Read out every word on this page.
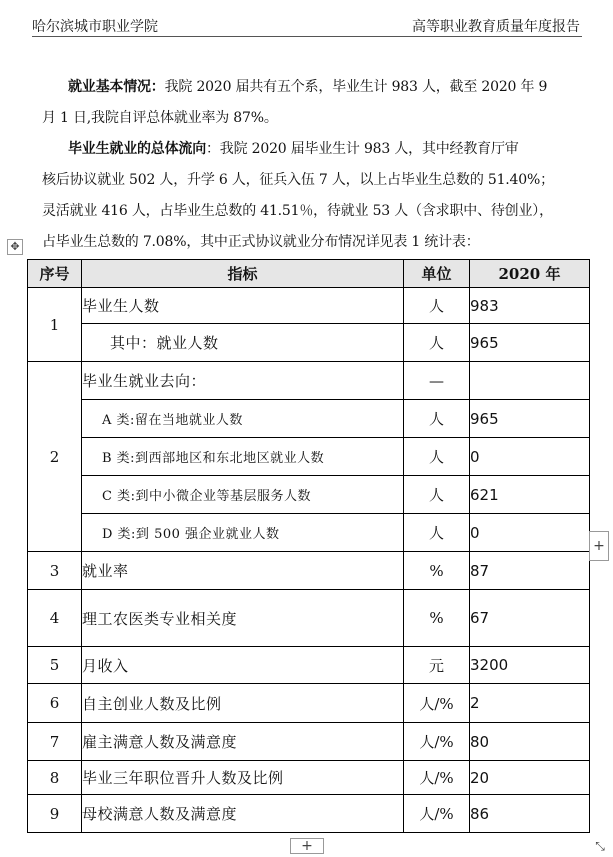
哈尔滨城市职业学院	高等职业教育质量年度报告
就业基本情况：我院 2020 届共有五个系，毕业生计 983 人，截至 2020 年 9
月 1 日,我院自评总体就业率为 87%。
毕业生就业的总体流向：我院 2020 届毕业生计 983 人，其中经教育厅审
核后协议就业 502 人，升学 6 人，征兵入伍 7 人，以上占毕业生总数的 51.40%；
灵活就业 416 人，占毕业生总数的 41.51％，待就业 53 人（含求职中、待创业），
占毕业生总数的 7.08%，其中正式协议就业分布情况详见表 1 统计表：
✥
序号	指标	单位	2020 年
1	毕业生人数	人	983
	其中：就业人数	人	965
2	毕业生就业去向：	—	
	A 类:留在当地就业人数	人	965
	B 类:到西部地区和东北地区就业人数	人	0
	C 类:到中小微企业等基层服务人数	人	621
	D 类:到 500 强企业就业人数	人	0
3	就业率	%	87
4	理工农医类专业相关度	%	67
5	月收入	元	3200
6	自主创业人数及比例	人/%	2
7	雇主满意人数及满意度	人/%	80
8	毕业三年职位晋升人数及比例	人/%	20
9	母校满意人数及满意度	人/%	86
+
+	⤡
